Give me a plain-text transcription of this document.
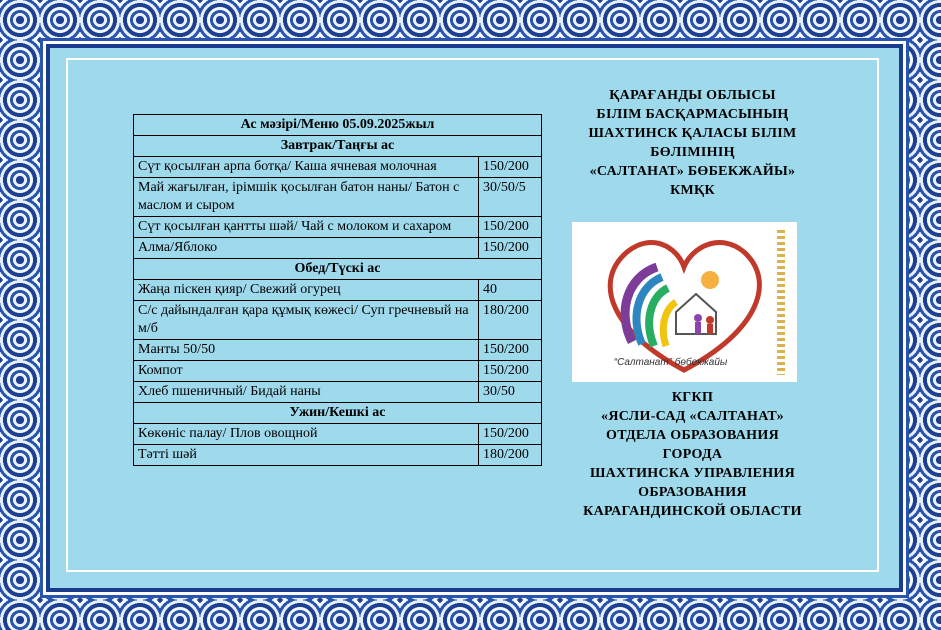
Ас мәзірі/Меню 05.09.2025жыл	
Завтрак/Таңғы ас	
Сүт қосылған арпа ботқа/ Каша ячневая молочная	150/200
Май жағылған, ірімшік қосылған батон наны/ Батон с маслом и сыром	30/50/5
Сүт қосылған қантты шәй/ Чай с молоком и сахаром	150/200
Алма/Яблоко	150/200
Обед/Түскі ас	
Жаңа піскен қияр/ Свежий огурец	40
С/с дайындалған қара құмық көжесі/ Суп гречневый на м/б	180/200
Манты 50/50	150/200
Компот	150/200
Хлеб пшеничный/ Бидай наны	30/50
Ужин/Кешкі ас	
Көкөніс палау/ Плов овощной	150/200
Тәтті шәй	180/200
ҚАРАҒАНДЫ ОБЛЫСЫ
БІЛІМ БАСҚАРМАСЫНЫҢ
ШАХТИНСК ҚАЛАСЫ БІЛІМ
БӨЛІМІНІҢ
«САЛТАНАТ» БӨБЕКЖАЙЫ»
КМҚК
КГКП
«ЯСЛИ-САД «САЛТАНАТ»
ОТДЕЛА ОБРАЗОВАНИЯ
ГОРОДА
ШАХТИНСКА УПРАВЛЕНИЯ
ОБРАЗОВАНИЯ
КАРАГАНДИНСКОЙ ОБЛАСТИ
“Салтанат” бөбекжайы
